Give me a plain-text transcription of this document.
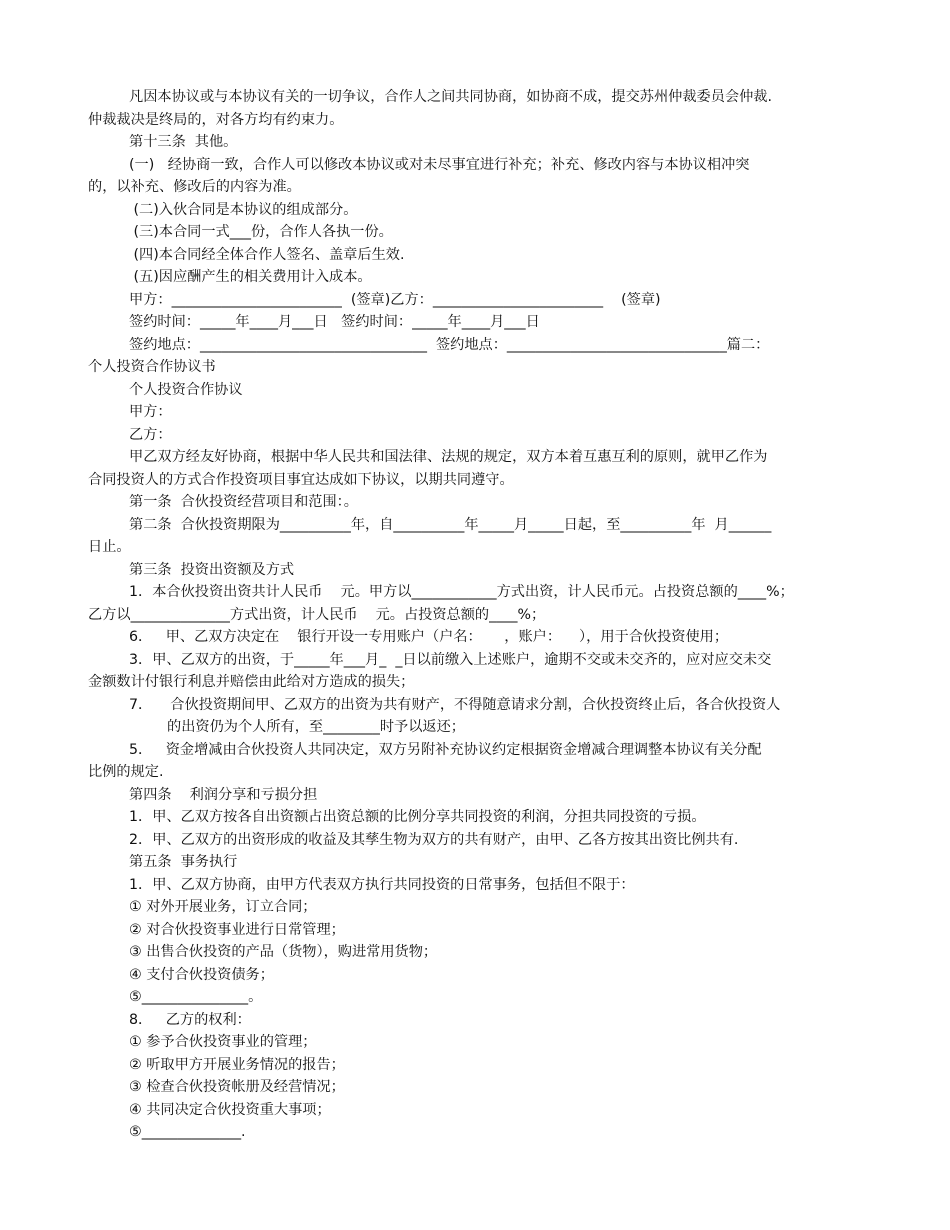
凡因本协议或与本协议有关的一切争议，合作人之间共同协商，如协商不成，提交苏州仲裁委员会仲裁.
仲裁裁决是终局的，对各方均有约束力。
第十三条  其他。
(一)   经协商一致，合作人可以修改本协议或对未尽事宜进行补充；补充、修改内容与本协议相冲突
的，以补充、修改后的内容为准。
(二)入伙合同是本协议的组成部分。
(三)本合同一式___份，合作人各执一份。
(四)本合同经全体合作人签名、盖章后生效.
(五)因应酬产生的相关费用计入成本。
甲方：________________________  (签章)乙方：________________________    (签章)
签约时间：_____年____月___日   签约时间：_____年____月___日
签约地点：________________________________  签约地点：_______________________________篇二：
个人投资合作协议书
个人投资合作协议
甲方：
乙方：
甲乙双方经友好协商，根据中华人民共和国法律、法规的规定，双方本着互惠互利的原则，就甲乙作为
合同投资人的方式合作投资项目事宜达成如下协议，以期共同遵守。
第一条  合伙投资经营项目和范围：。
第二条  合伙投资期限为__________年，自__________年_____月_____日起，至__________年  月______
日止。
第三条  投资出资额及方式
1．本合伙投资出资共计人民币    元。甲方以____________方式出资，计人民币元。占投资总额的____%；
乙方以______________方式出资，计人民币    元。占投资总额的____%；
6．   甲、乙双方决定在    银行开设一专用账户（户名：     ，账户：    ），用于合伙投资使用；
3．甲、乙双方的出资，于_____年___月_  _日以前缴入上述账户，逾期不交或未交齐的，应对应交未交
金额数计付银行利息并赔偿由此给对方造成的损失；
7．    合伙投资期间甲、乙双方的出资为共有财产，不得随意请求分割，合伙投资终止后，各合伙投资人
的出资仍为个人所有，至________时予以返还；
5．   资金增减由合伙投资人共同决定，双方另附补充协议约定根据资金增减合理调整本协议有关分配
比例的规定.
第四条    利润分享和亏损分担
1．甲、乙双方按各自出资额占出资总额的比例分享共同投资的利润，分担共同投资的亏损。
2．甲、乙双方的出资形成的收益及其孳生物为双方的共有财产，由甲、乙各方按其出资比例共有.
第五条  事务执行
1．甲、乙双方协商，由甲方代表双方执行共同投资的日常事务，包括但不限于：
① 对外开展业务，订立合同；
② 对合伙投资事业进行日常管理；
③ 出售合伙投资的产品（货物），购进常用货物；
④ 支付合伙投资债务；
⑤_______________。
8．   乙方的权利：
① 参予合伙投资事业的管理；
② 听取甲方开展业务情况的报告；
③ 检查合伙投资帐册及经营情况；
④ 共同决定合伙投资重大事项；
⑤______________.
